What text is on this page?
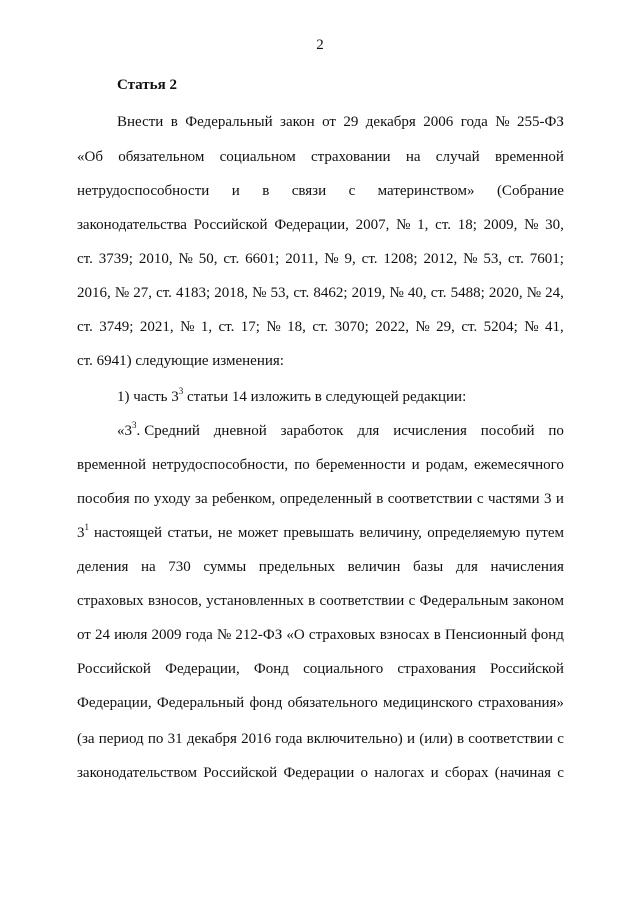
2
Статья 2
Внести в Федеральный закон от 29 декабря 2006 года № 255-ФЗ
«Об обязательном социальном страховании на случай временной
нетрудоспособности и в связи с материнством» (Собрание
законодательства Российской Федерации, 2007, № 1, ст. 18; 2009, № 30,
ст. 3739; 2010, № 50, ст. 6601; 2011, № 9, ст. 1208; 2012, № 53, ст. 7601;
2016, № 27, ст. 4183; 2018, № 53, ст. 8462; 2019, № 40, ст. 5488; 2020, № 24,
ст. 3749; 2021, № 1, ст. 17; № 18, ст. 3070; 2022, № 29, ст. 5204; № 41,
ст. 6941) следующие изменения:
1) часть $3^3$ статьи 14 изложить в следующей редакции:
«$3^3$. Средний дневной заработок для исчисления пособий по
временной нетрудоспособности, по беременности и родам, ежемесячного
пособия по уходу за ребенком, определенный в соответствии с частями 3 и
$3^1$ настоящей статьи, не может превышать величину, определяемую путем
деления на 730 суммы предельных величин базы для начисления
страховых взносов, установленных в соответствии с Федеральным законом
от 24 июля 2009 года № 212-ФЗ «О страховых взносах в Пенсионный фонд
Российской Федерации, Фонд социального страхования Российской
Федерации, Федеральный фонд обязательного медицинского страхования»
(за период по 31 декабря 2016 года включительно) и (или) в соответствии с
законодательством Российской Федерации о налогах и сборах (начиная с
